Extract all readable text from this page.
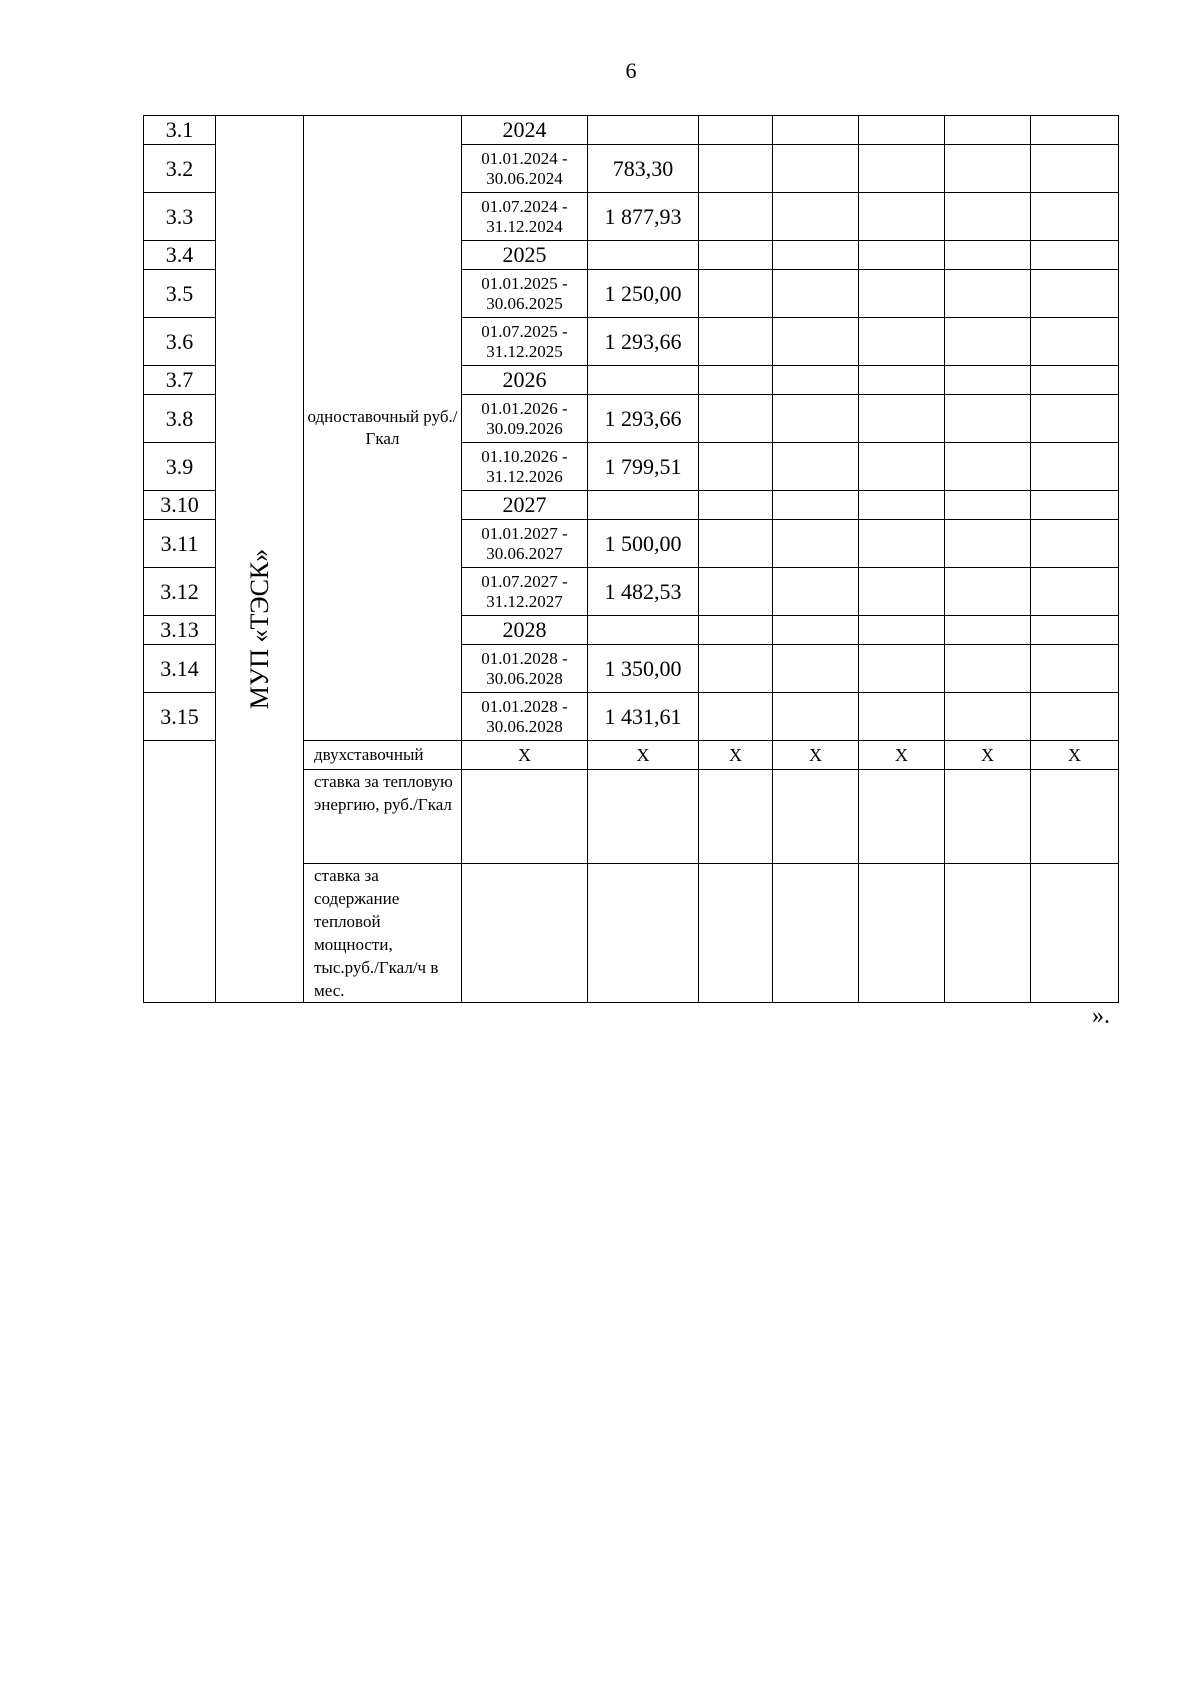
6
3.1	МУП «ТЭСК»	одноставочный руб./Гкал	2024						
3.2			01.01.2024 - 30.06.2024	783,30					
3.3			01.07.2024 - 31.12.2024	1 877,93					
3.4			2025						
3.5			01.01.2025 - 30.06.2025	1 250,00					
3.6			01.07.2025 - 31.12.2025	1 293,66					
3.7			2026						
3.8			01.01.2026 - 30.09.2026	1 293,66					
3.9			01.10.2026 - 31.12.2026	1 799,51					
3.10			2027						
3.11			01.01.2027 - 30.06.2027	1 500,00					
3.12			01.07.2027 - 31.12.2027	1 482,53					
3.13			2028						
3.14			01.01.2028 - 30.06.2028	1 350,00					
3.15			01.01.2028 - 30.06.2028	1 431,61					
		двухставочный	Х	Х	Х	Х	Х	Х	Х
		ставка за тепловую энергию, руб./Гкал							
		ставка за содержание тепловой мощности, тыс.руб./Гкал/ч в мес.							
».
